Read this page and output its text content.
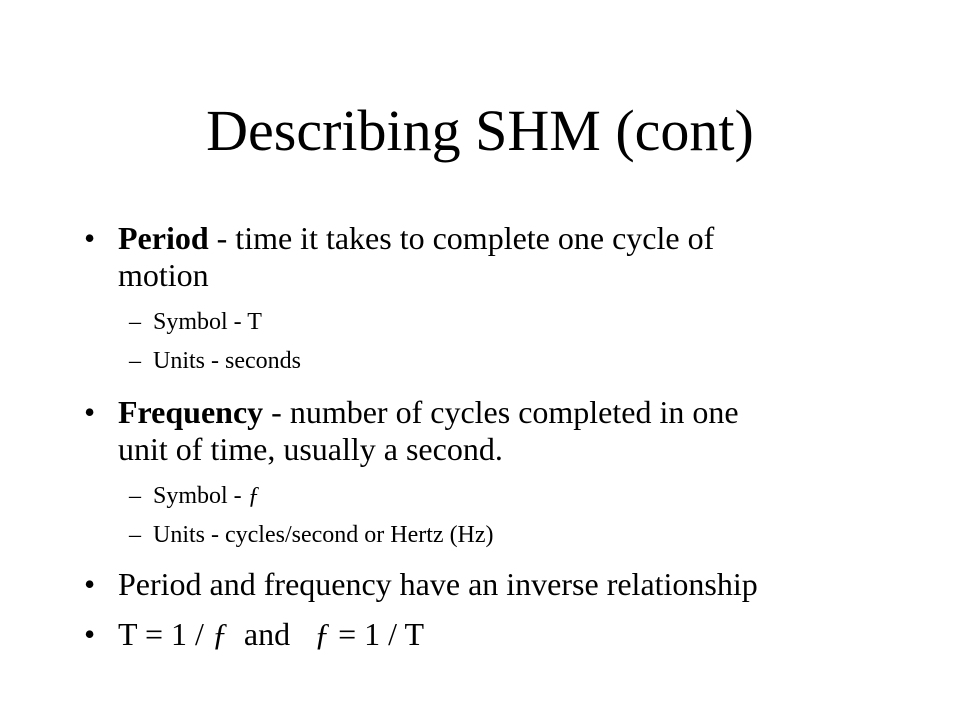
Describing SHM (cont)
• Period - time it takes to complete one cycle of
motion
– Symbol - T
– Units - seconds
• Frequency - number of cycles completed in one
unit of time, usually a second.
– Symbol - ƒ
– Units - cycles/second or Hertz (Hz)
• Period and frequency have an inverse relationship
• T = 1 / ƒ  and   ƒ = 1 / T
